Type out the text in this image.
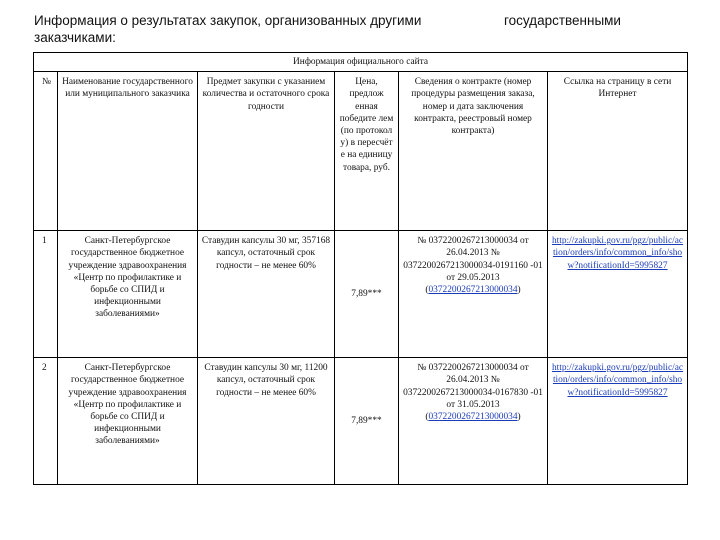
Информация о результатах закупок, организованных другими	государственными
заказчиками:
Информация официального сайта					
№	Наименование государственного или муниципального заказчика	Предмет закупки с указанием количества и остаточного срока годности	Цена, предлож енная победите лем (по протокол у) в пересчёт е на единицу товара, руб.	Сведения о контракте (номер процедуры размещения заказа, номер и дата заключения контракта, реестровый номер контракта)	Ссылка на страницу в сети Интернет
1	Санкт-Петербургское государственное бюджетное учреждение здравоохранения «Центр по профилактике и борьбе со СПИД и инфекционными заболеваниями»	Ставудин капсулы 30 мг, 357168 капсул, остаточный срок годности – не менее 60%	7,89***	№ 0372200267213000034 от 26.04.2013 № 0372200267213000034-0191160 -01 от 29.05.2013 (0372200267213000034)	http://zakupki.gov.ru/pgz/public/action/orders/info/common_info/show?notificationId=5995827
2	Санкт-Петербургское государственное бюджетное учреждение здравоохранения «Центр по профилактике и борьбе со СПИД и инфекционными заболеваниями»	Ставудин капсулы 30 мг, 11200 капсул, остаточный срок годности – не менее 60%	7,89***	№ 0372200267213000034 от 26.04.2013 № 0372200267213000034-0167830 -01 от 31.05.2013 (0372200267213000034)	http://zakupki.gov.ru/pgz/public/action/orders/info/common_info/show?notificationId=5995827
